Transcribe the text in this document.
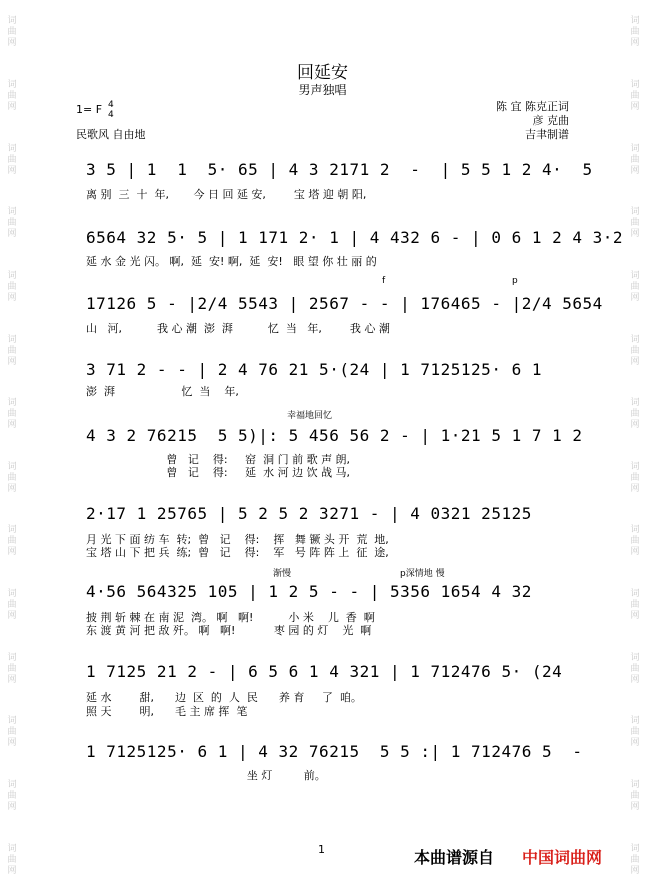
词曲网
词曲网
词曲网
词曲网
词曲网
词曲网
词曲网
词曲网
词曲网
词曲网
词曲网
词曲网
词曲网
词曲网
词曲网
词曲网
词曲网
词曲网
词曲网
词曲网
词曲网
词曲网
词曲网
词曲网
词曲网
词曲网
词曲网
词曲网
回延安
男声独唱
1= F 4
4
民歌风 自由地
陈 宜 陈克正词
彦 克曲
吉聿制谱
3 5 | 1  1  5· 65 | 4 3 2171 2  -  | 5 5 1 2 4·  5
离 别  三  十  年,       今 日 回 延 安,        宝 塔 迎 朝 阳,
6564 32 5· 5 | 1 171 2· 1 | 4 432 6 - | 0 6 1 2 4 3·2
延 水 金 光 闪。 啊,  延  安! 啊,  延  安!   眼 望 你 壮 丽 的
f	p
17126 5 - |2/4 5543 | 2567 - - | 176465 - |2/4 5654
山   河,          我 心 潮  澎  湃          忆  当   年,        我 心 潮
3 71 2 - - | 2 4 76 21 5·(24 | 1 7125125· 6 1
澎  湃                   忆  当    年,
幸福地回忆
4 3 2 76215  5 5)|: 5 456 56 2 - | 1·21 5 1 7 1 2
曾   记    得:     窑  洞 门 前 歌 声 朗,
曾   记    得:     延  水 河 边 饮 战 马,
2·17 1 25765 | 5 2 5 2 3271 - | 4 0321 25125
月 光 下 面 纺 车  转;  曾   记    得:    挥   舞 镢 头 开  荒  地,
宝 塔 山 下 把 兵  练;  曾   记    得:    军   号 阵 阵 上  征  途,
渐慢	p深情地 慢
4·56 564325 105 | 1 2 5 - - | 5356 1654 4 32
披 荆 斩 棘 在 南 泥  湾。 啊   啊!          小 米    儿  香  啊
东 渡 黄 河 把 敌 歼。 啊   啊!           枣 园 的 灯    光  啊
1 7125 21 2 - | 6 5 6 1 4 321 | 1 712476 5· (24
延 水        甜,      边  区  的  人  民      养 育     了  咱。
照 天        明,      毛 主 席 挥  笔
1 7125125· 6 1 | 4 32 76215  5 5 :| 1 712476 5  -
坐 灯         前。
1	本曲谱源自 中国词曲网
